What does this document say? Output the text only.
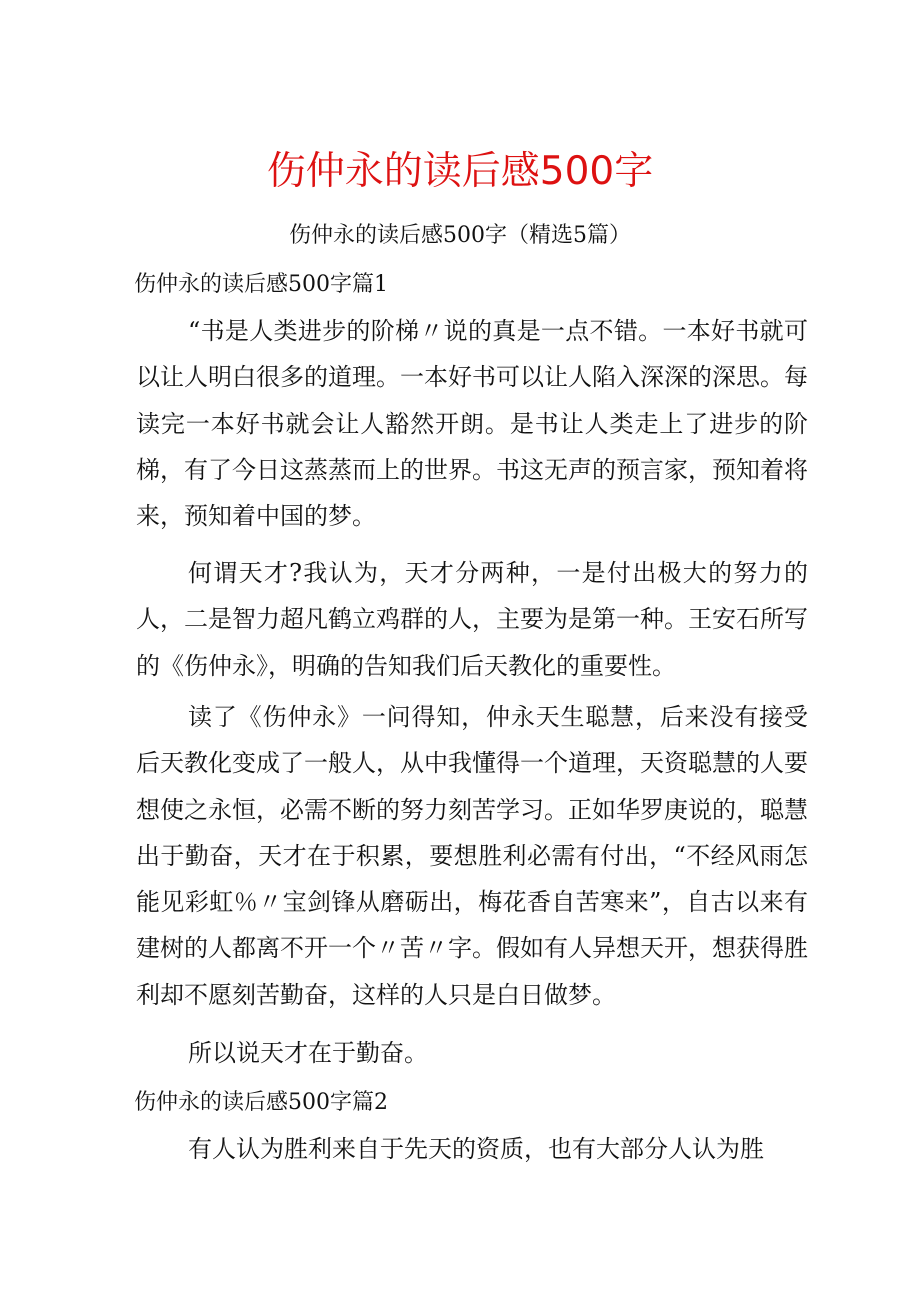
伤仲永的读后感500字
伤仲永的读后感500字（精选5篇）
伤仲永的读后感500字篇1
“书是人类进步的阶梯〃说的真是一点不错。一本好书就可以让人明白很多的道理。一本好书可以让人陷入深深的深思。每读完一本好书就会让人豁然开朗。是书让人类走上了进步的阶梯，有了今日这蒸蒸而上的世界。书这无声的预言家，预知着将来，预知着中国的梦。
何谓天才?我认为，天才分两种，一是付出极大的努力的人，二是智力超凡鹤立鸡群的人，主要为是第一种。王安石所写的《伤仲永》，明确的告知我们后天教化的重要性。
读了《伤仲永》一问得知，仲永天生聪慧，后来没有接受后天教化变成了一般人，从中我懂得一个道理，天资聪慧的人要想使之永恒，必需不断的努力刻苦学习。正如华罗庚说的，聪慧出于勤奋，天才在于积累，要想胜利必需有付出，“不经风雨怎能见彩虹％〃宝剑锋从磨砺出，梅花香自苦寒来”，自古以来有建树的人都离不开一个〃苦〃字。假如有人异想天开，想获得胜利却不愿刻苦勤奋，这样的人只是白日做梦。
所以说天才在于勤奋。
伤仲永的读后感500字篇2
有人认为胜利来自于先天的资质，也有大部分人认为胜
